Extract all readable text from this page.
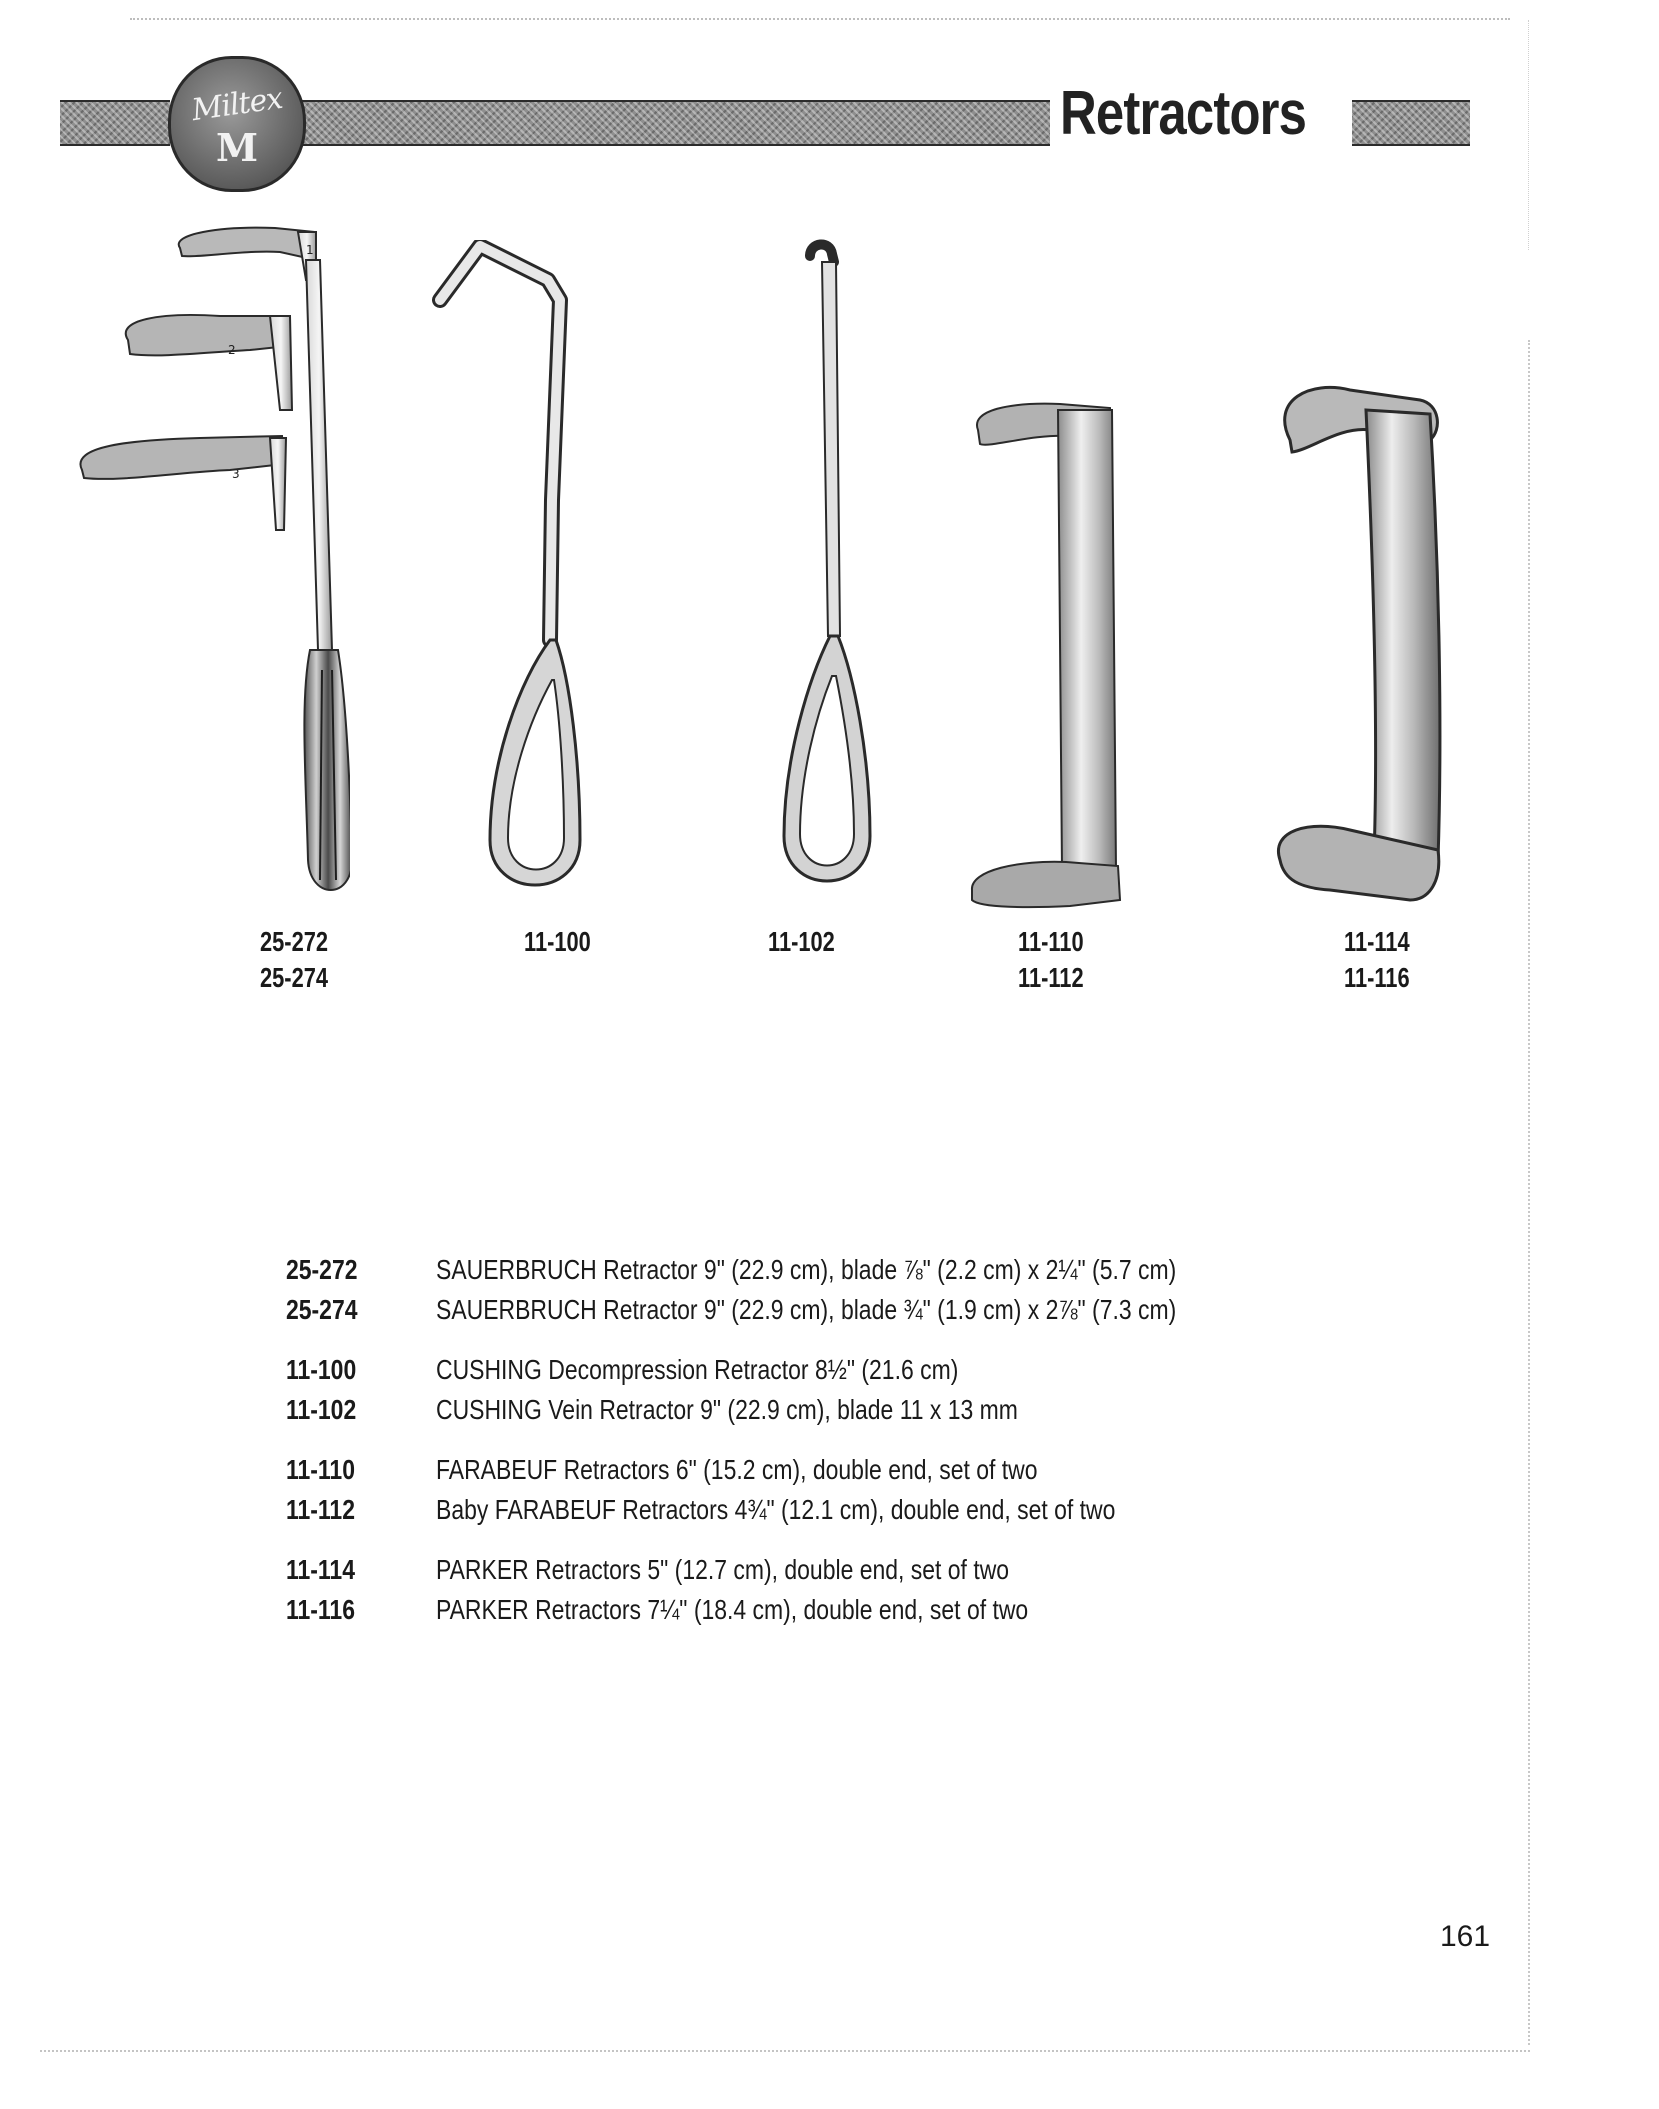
Miltex
M	Retractors
1
2
3
25-272
25-274
11-100	11-102	11-110
11-112
11-114
11-116
25-272	SAUERBRUCH Retractor 9" (22.9 cm), blade ⅞" (2.2 cm) x 2¼" (5.7 cm)
25-274	SAUERBRUCH Retractor 9" (22.9 cm), blade ¾" (1.9 cm) x 2⅞" (7.3 cm)
11-100	CUSHING Decompression Retractor 8½" (21.6 cm)
11-102	CUSHING Vein Retractor 9" (22.9 cm), blade 11 x 13 mm
11-110	FARABEUF Retractors 6" (15.2 cm), double end, set of two
11-112	Baby FARABEUF Retractors 4¾" (12.1 cm), double end, set of two
11-114	PARKER Retractors 5" (12.7 cm), double end, set of two
11-116	PARKER Retractors 7¼" (18.4 cm), double end, set of two
161
